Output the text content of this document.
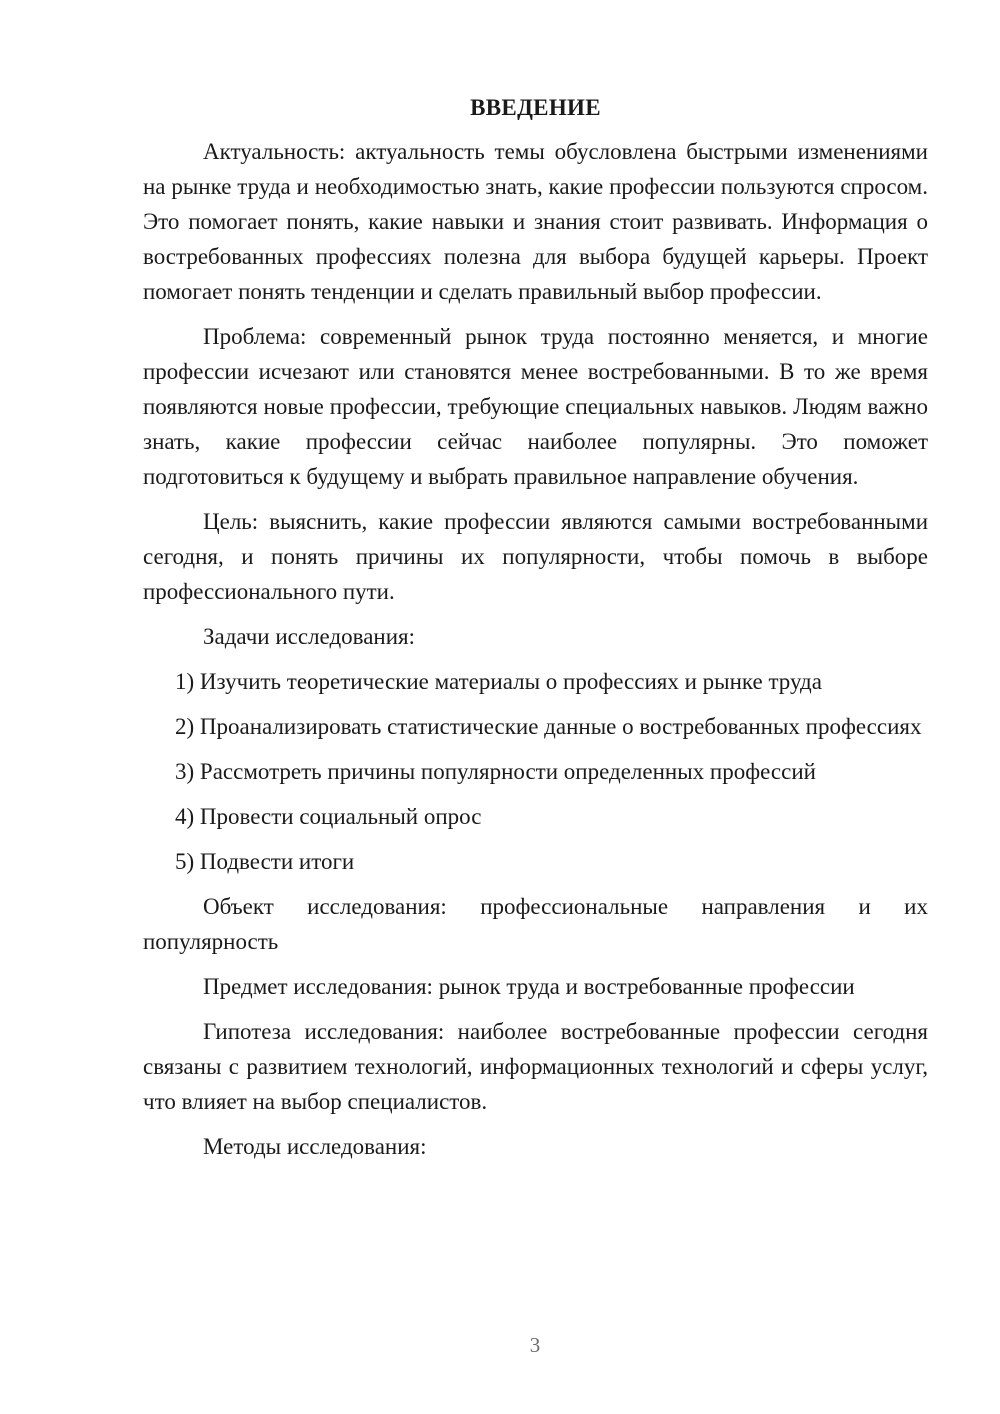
ВВЕДЕНИЕ

Актуальность: актуальность темы обусловлена быстрыми изменениями на рынке труда и необходимостью знать, какие профессии пользуются спросом. Это помогает понять, какие навыки и знания стоит развивать. Информация о востребованных профессиях полезна для выбора будущей карьеры. Проект помогает понять тенденции и сделать правильный выбор профессии.

Проблема: современный рынок труда постоянно меняется, и многие профессии исчезают или становятся менее востребованными. В то же время появляются новые профессии, требующие специальных навыков. Людям важно знать, какие профессии сейчас наиболее популярны. Это поможет подготовиться к будущему и выбрать правильное направление обучения.

Цель: выяснить, какие профессии являются самыми востребованными сегодня, и понять причины их популярности, чтобы помочь в выборе профессионального пути.

Задачи исследования:

1) Изучить теоретические материалы о профессиях и рынке труда

2) Проанализировать статистические данные о востребованных профессиях

3) Рассмотреть причины популярности определенных профессий

4) Провести социальный опрос

5) Подвести итоги

Объект исследования: профессиональные направления и их популярность

Предмет исследования: рынок труда и востребованные профессии

Гипотеза исследования: наиболее востребованные профессии сегодня связаны с развитием технологий, информационных технологий и сферы услуг, что влияет на выбор специалистов.

Методы исследования:

3
